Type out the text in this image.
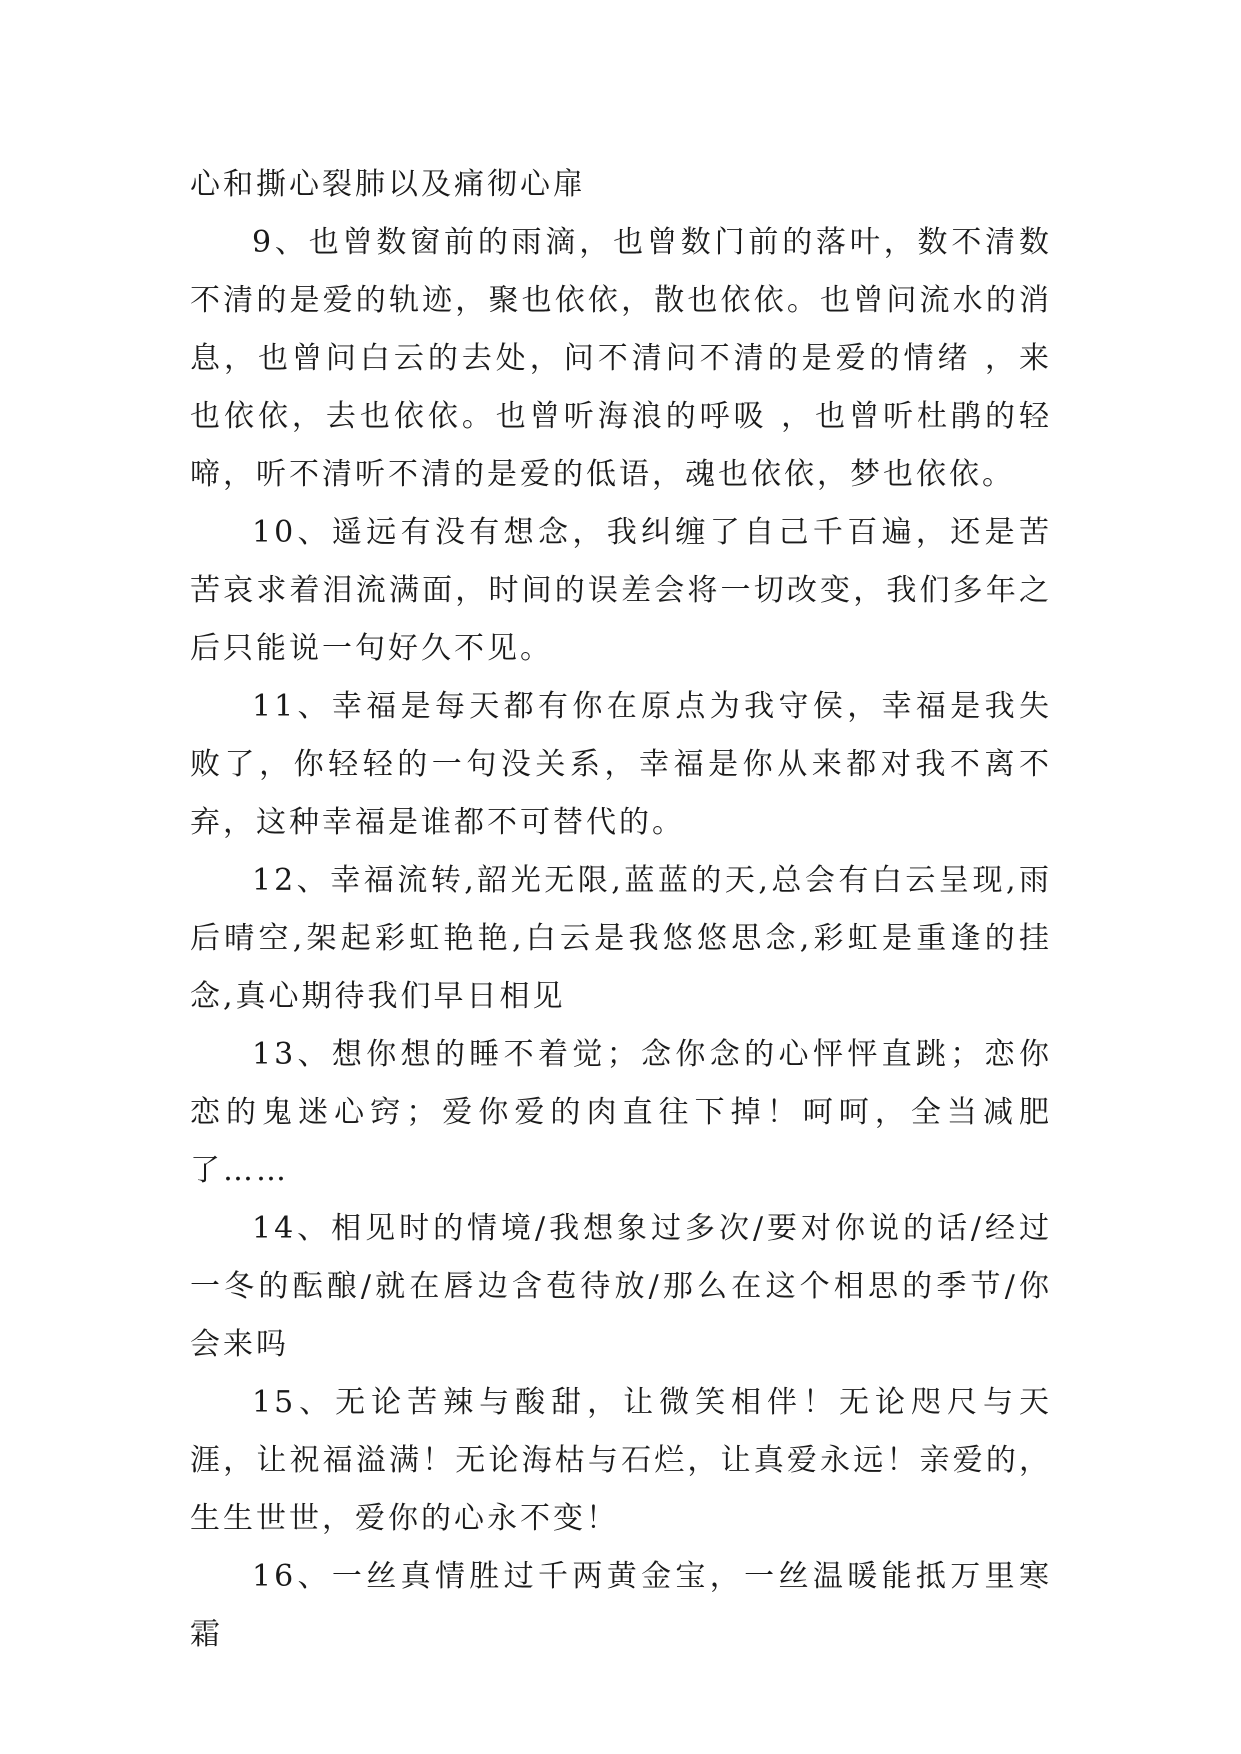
心和撕心裂肺以及痛彻心扉

9、也曾数窗前的雨滴，也曾数门前的落叶，数不清数不清的是爱的轨迹，聚也依依，散也依依。也曾问流水的消息，也曾问白云的去处，问不清问不清的是爱的情绪 ，来也依依，去也依依。也曾听海浪的呼吸 ，也曾听杜鹃的轻啼，听不清听不清的是爱的低语，魂也依依，梦也依依。

10、遥远有没有想念，我纠缠了自己千百遍，还是苦苦哀求着泪流满面，时间的误差会将一切改变，我们多年之后只能说一句好久不见。

11、幸福是每天都有你在原点为我守侯，幸福是我失败了，你轻轻的一句没关系，幸福是你从来都对我不离不弃，这种幸福是谁都不可替代的。

12、幸福流转,韶光无限,蓝蓝的天,总会有白云呈现,雨后晴空,架起彩虹艳艳,白云是我悠悠思念,彩虹是重逢的挂念,真心期待我们早日相见

13、想你想的睡不着觉；念你念的心怦怦直跳；恋你恋的鬼迷心窍；爱你爱的肉直往下掉！呵呵，全当减肥了……

14、相见时的情境/我想象过多次/要对你说的话/经过一冬的酝酿/就在唇边含苞待放/那么在这个相思的季节/你会来吗

15、无论苦辣与酸甜，让微笑相伴！无论咫尺与天涯，让祝福溢满！无论海枯与石烂，让真爱永远！亲爱的，生生世世，爱你的心永不变！

16、一丝真情胜过千两黄金宝，一丝温暖能抵万里寒霜
